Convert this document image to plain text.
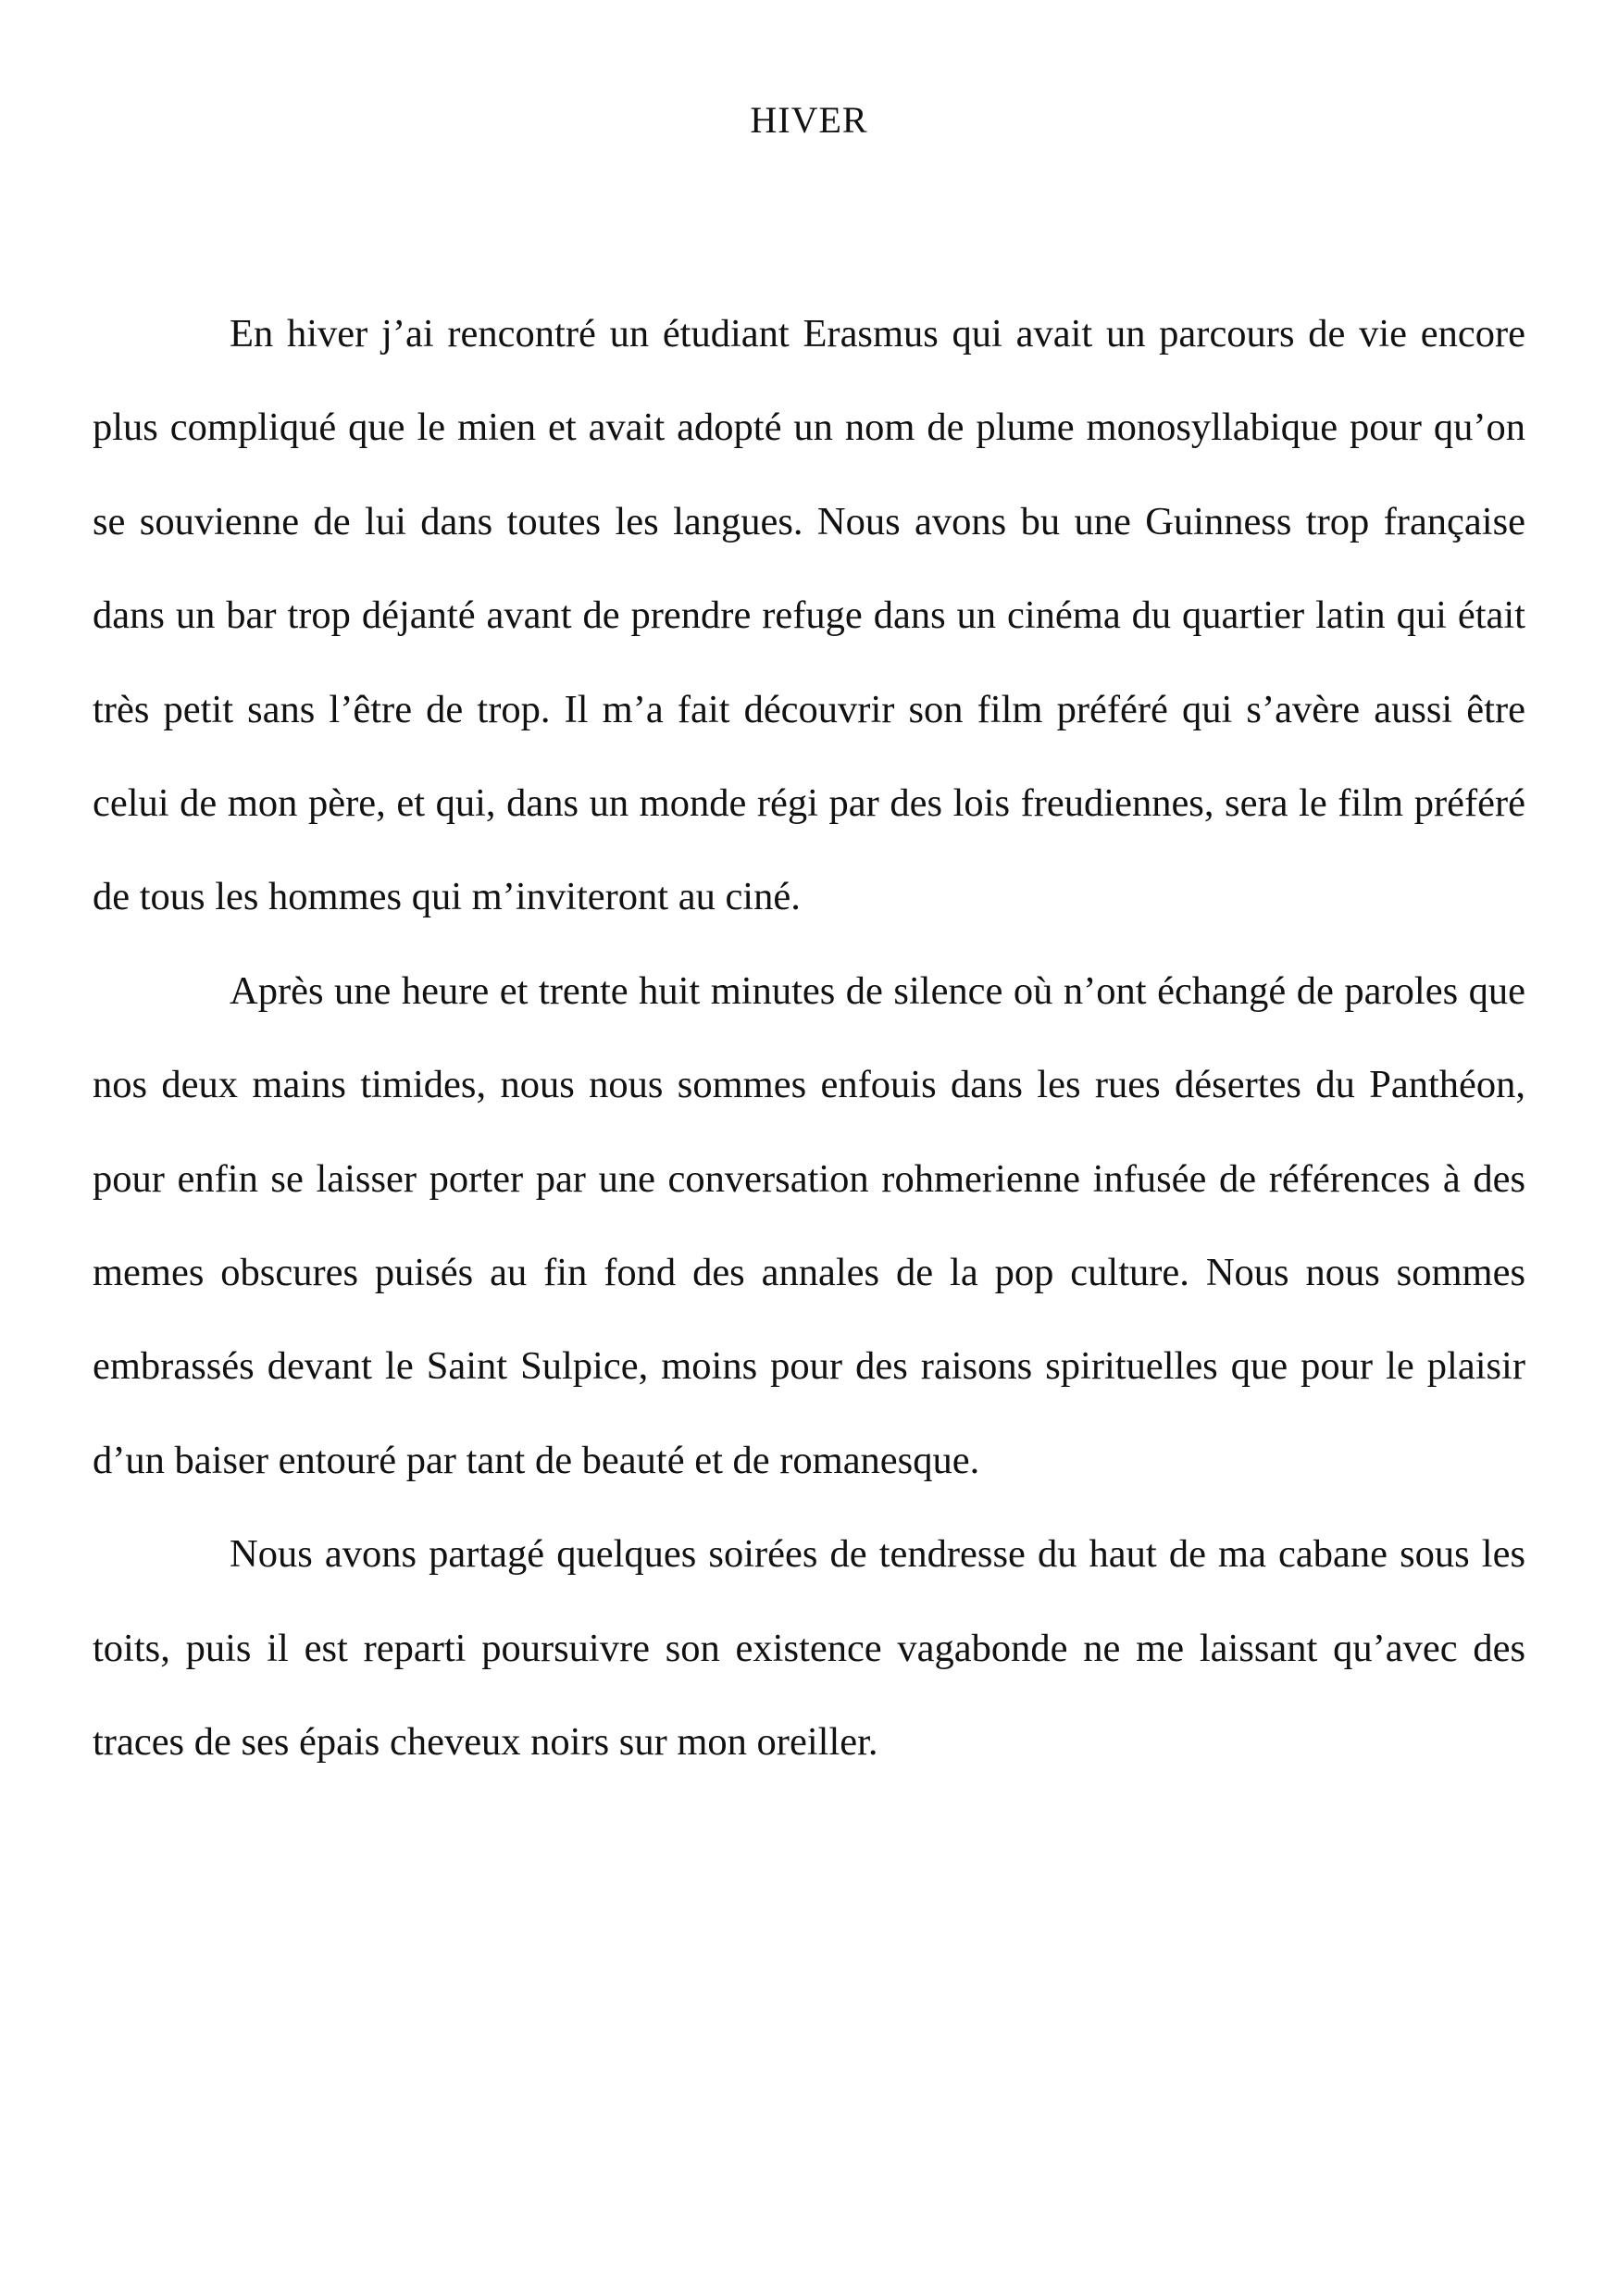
HIVER

En hiver j’ai rencontré un étudiant Erasmus qui avait un parcours de vie encore plus compliqué que le mien et avait adopté un nom de plume monosyllabique pour qu’on se souvienne de lui dans toutes les langues. Nous avons bu une Guinness trop française dans un bar trop déjanté avant de prendre refuge dans un cinéma du quartier latin qui était très petit sans l’être de trop. Il m’a fait découvrir son film préféré qui s’avère aussi être celui de mon père, et qui, dans un monde régi par des lois freudiennes, sera le film préféré de tous les hommes qui m’inviteront au ciné.

Après une heure et trente huit minutes de silence où n’ont échangé de paroles que nos deux mains timides, nous nous sommes enfouis dans les rues désertes du Panthéon, pour enfin se laisser porter par une conversation rohmerienne infusée de références à des memes obscures puisés au fin fond des annales de la pop culture. Nous nous sommes embrassés devant le Saint Sulpice, moins pour des raisons spirituelles que pour le plaisir d’un baiser entouré par tant de beauté et de romanesque.

Nous avons partagé quelques soirées de tendresse du haut de ma cabane sous les toits, puis il est reparti poursuivre son existence vagabonde ne me laissant qu’avec des traces de ses épais cheveux noirs sur mon oreiller.
